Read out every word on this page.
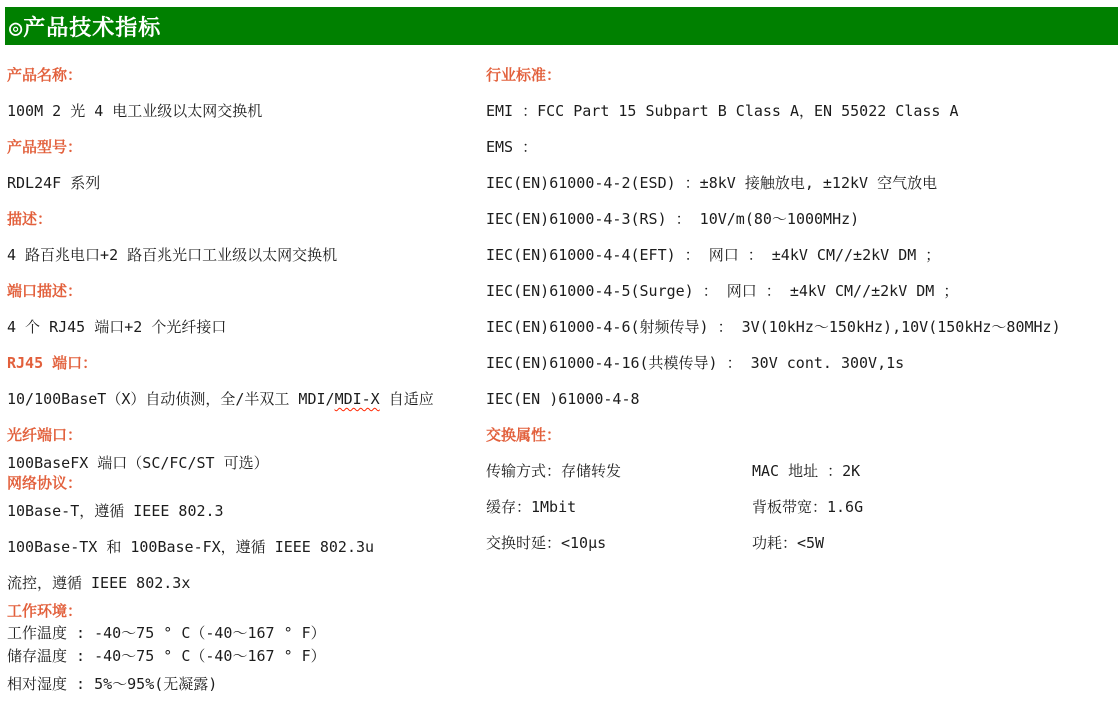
◎产品技术指标
产品名称：
100M 2 光 4 电工业级以太网交换机
产品型号：
RDL24F 系列
描述：
4 路百兆电口+2 路百兆光口工业级以太网交换机
端口描述：
4 个 RJ45 端口+2 个光纤接口
RJ45 端口：
10/100BaseT（X）自动侦测，全/半双工 MDI/MDI-X 自适应
光纤端口：
100BaseFX 端口（SC/FC/ST 可选）
网络协议：
10Base-T，遵循 IEEE 802.3
100Base-TX 和 100Base-FX，遵循 IEEE 802.3u
流控，遵循 IEEE 802.3x
工作环境：
工作温度 : -40～75 ° C（-40～167 ° F）
储存温度 : -40～75 ° C（-40～167 ° F）
相对湿度 : 5%～95%(无凝露)
行业标准：
EMI ：FCC Part 15 Subpart B Class A，EN 55022 Class A
EMS ：
IEC(EN)61000-4-2(ESD) ：±8kV 接触放电, ±12kV 空气放电
IEC(EN)61000-4-3(RS) ： 10V/m(80～1000MHz)
IEC(EN)61000-4-4(EFT) ： 网口 ： ±4kV CM//±2kV DM ；
IEC(EN)61000-4-5(Surge) ： 网口 ： ±4kV CM//±2kV DM ；
IEC(EN)61000-4-6(射频传导) ： 3V(10kHz～150kHz),10V(150kHz～80MHz)
IEC(EN)61000-4-16(共模传导) ： 30V cont. 300V,1s
IEC(EN )61000-4-8
交换属性：
传输方式：存储转发	MAC 地址 ：2K
缓存：1Mbit	背板带宽：1.6G
交换时延：<10μs	功耗：<5W
